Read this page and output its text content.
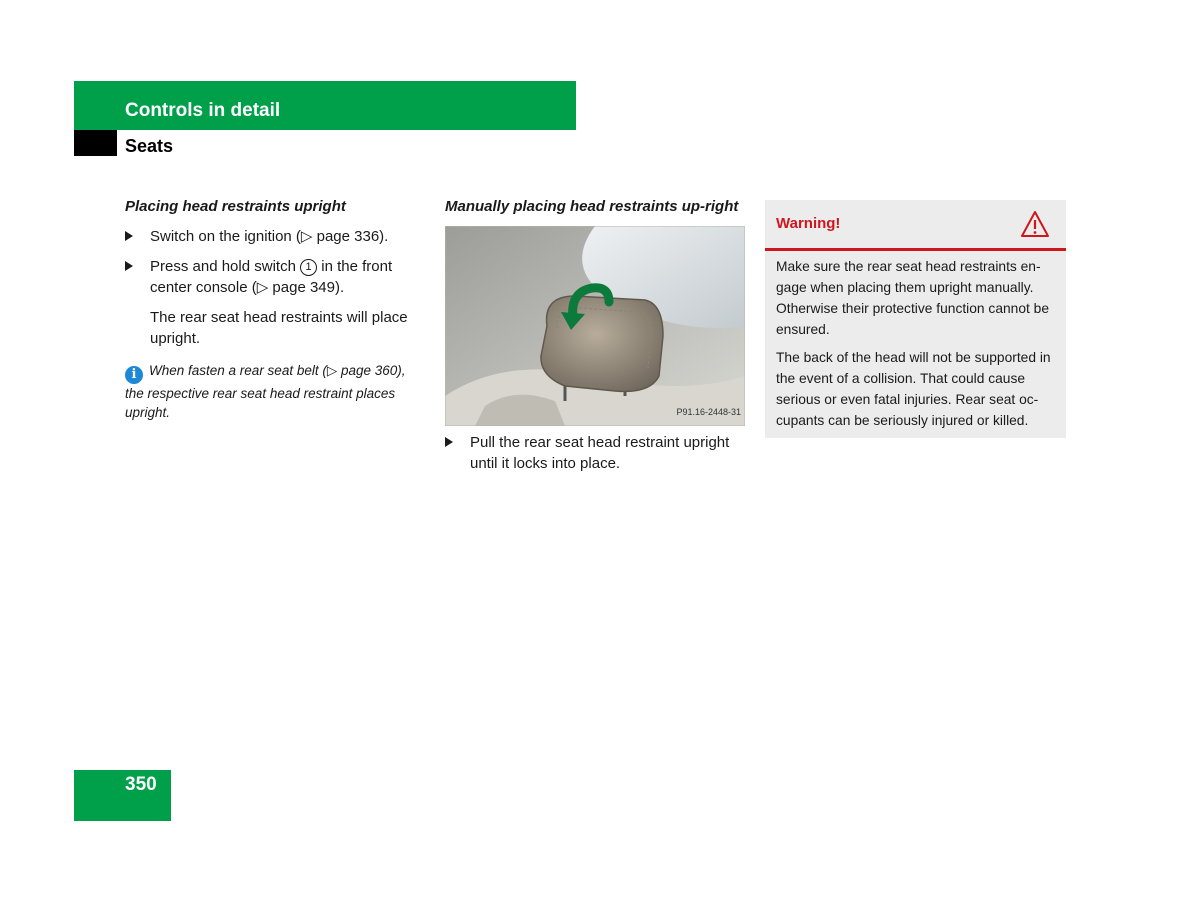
Controls in detail
Seats

Placing head restraints upright

Switch on the ignition (▷ page 336).
Press and hold switch 1 in the front center console (▷ page 349).
The rear seat head restraints will place upright.
i When fasten a rear seat belt (▷ page 360), the respective rear seat head restraint places upright.

Manually placing head restraints up-right

P91.16-2448-31
Pull the rear seat head restraint upright until it locks into place.
Warning!

Make sure the rear seat head restraints en-gage when placing them upright manually. Otherwise their protective function cannot be ensured.

The back of the head will not be supported in the event of a collision. That could cause serious or even fatal injuries. Rear seat oc-cupants can be seriously injured or killed.

350
